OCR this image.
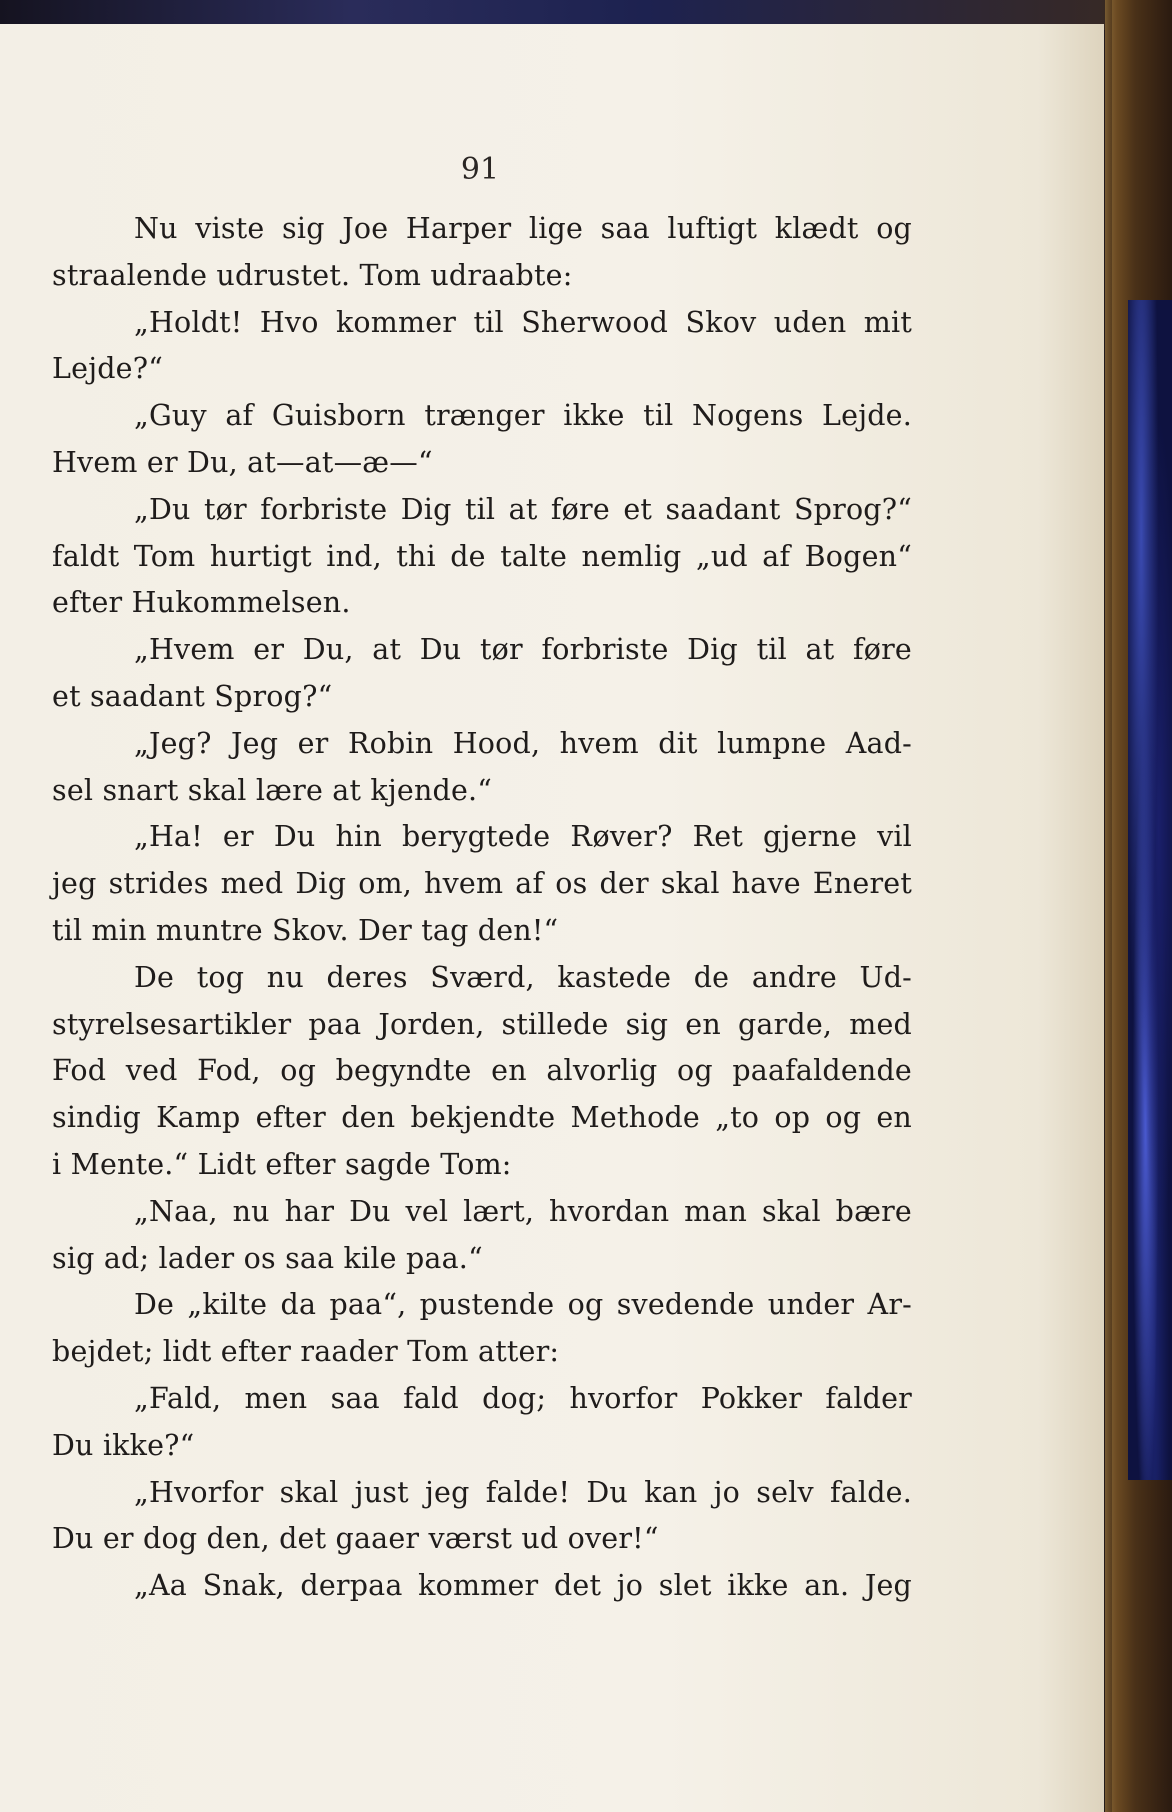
91
Nu viste sig Joe Harper lige saa luftigt klædt og
straalende udrustet. Tom udraabte:
„Holdt! Hvo kommer til Sherwood Skov uden mit
Lejde?“
„Guy af Guisborn trænger ikke til Nogens Lejde.
Hvem er Du, at—at—æ—“
„Du tør forbriste Dig til at føre et saadant Sprog?“
faldt Tom hurtigt ind, thi de talte nemlig „ud af Bogen“
efter Hukommelsen.
„Hvem er Du, at Du tør forbriste Dig til at føre
et saadant Sprog?“
„Jeg? Jeg er Robin Hood, hvem dit lumpne Aad-
sel snart skal lære at kjende.“
„Ha! er Du hin berygtede Røver? Ret gjerne vil
jeg strides med Dig om, hvem af os der skal have Eneret
til min muntre Skov. Der tag den!“
De tog nu deres Sværd, kastede de andre Ud-
styrelsesartikler paa Jorden, stillede sig en garde, med
Fod ved Fod, og begyndte en alvorlig og paafaldende
sindig Kamp efter den bekjendte Methode „to op og en
i Mente.“ Lidt efter sagde Tom:
„Naa, nu har Du vel lært, hvordan man skal bære
sig ad; lader os saa kile paa.“
De „kilte da paa“, pustende og svedende under Ar-
bejdet; lidt efter raader Tom atter:
„Fald, men saa fald dog; hvorfor Pokker falder
Du ikke?“
„Hvorfor skal just jeg falde! Du kan jo selv falde.
Du er dog den, det gaaer værst ud over!“
„Aa Snak, derpaa kommer det jo slet ikke an. Jeg
